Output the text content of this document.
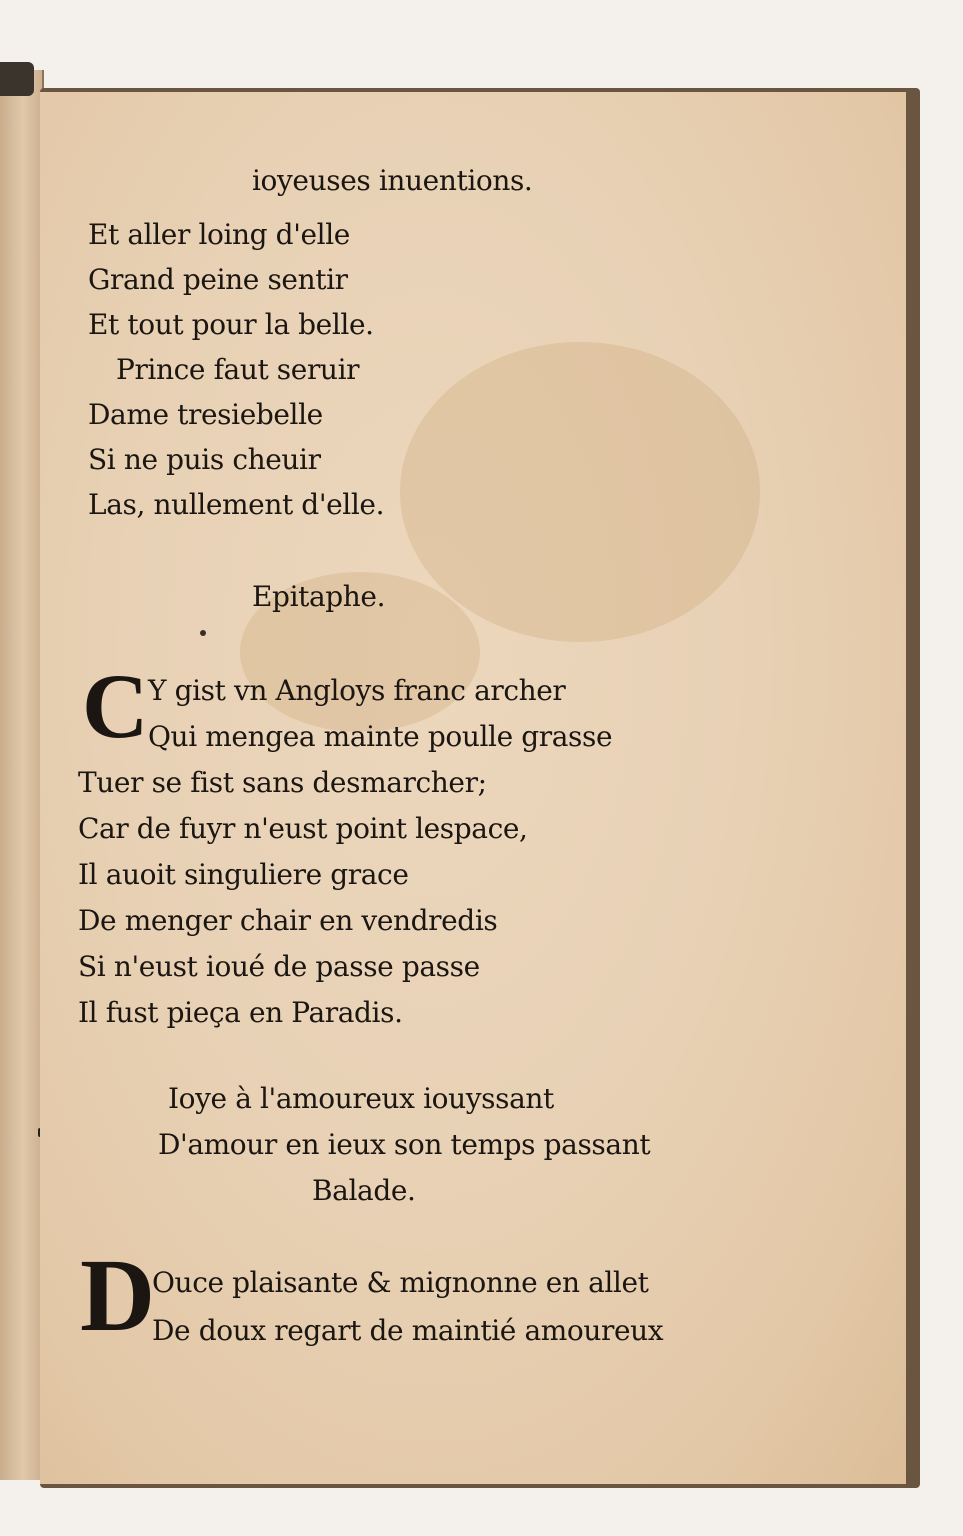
ioyeuses inuentions.
Et aller loing d'elle
Grand peine sentir
Et tout pour la belle.
Prince faut seruir
Dame tresiebelle
Si ne puis cheuir
Las, nullement d'elle.
Epitaphe.
C Y gist vn Angloys franc archer
Qui mengea mainte poulle grasse
Tuer se fist sans desmarcher;
Car de fuyr n'eust point lespace,
Il auoit singuliere grace
De menger chair en vendredis
Si n'eust ioué de passe passe
Il fust pieça en Paradis.
Ioye à l'amoureux iouyssant
D'amour en ieux son temps passant
Balade.
D
Ouce plaisante & mignonne en allet
De doux regart de maintié amoureux
